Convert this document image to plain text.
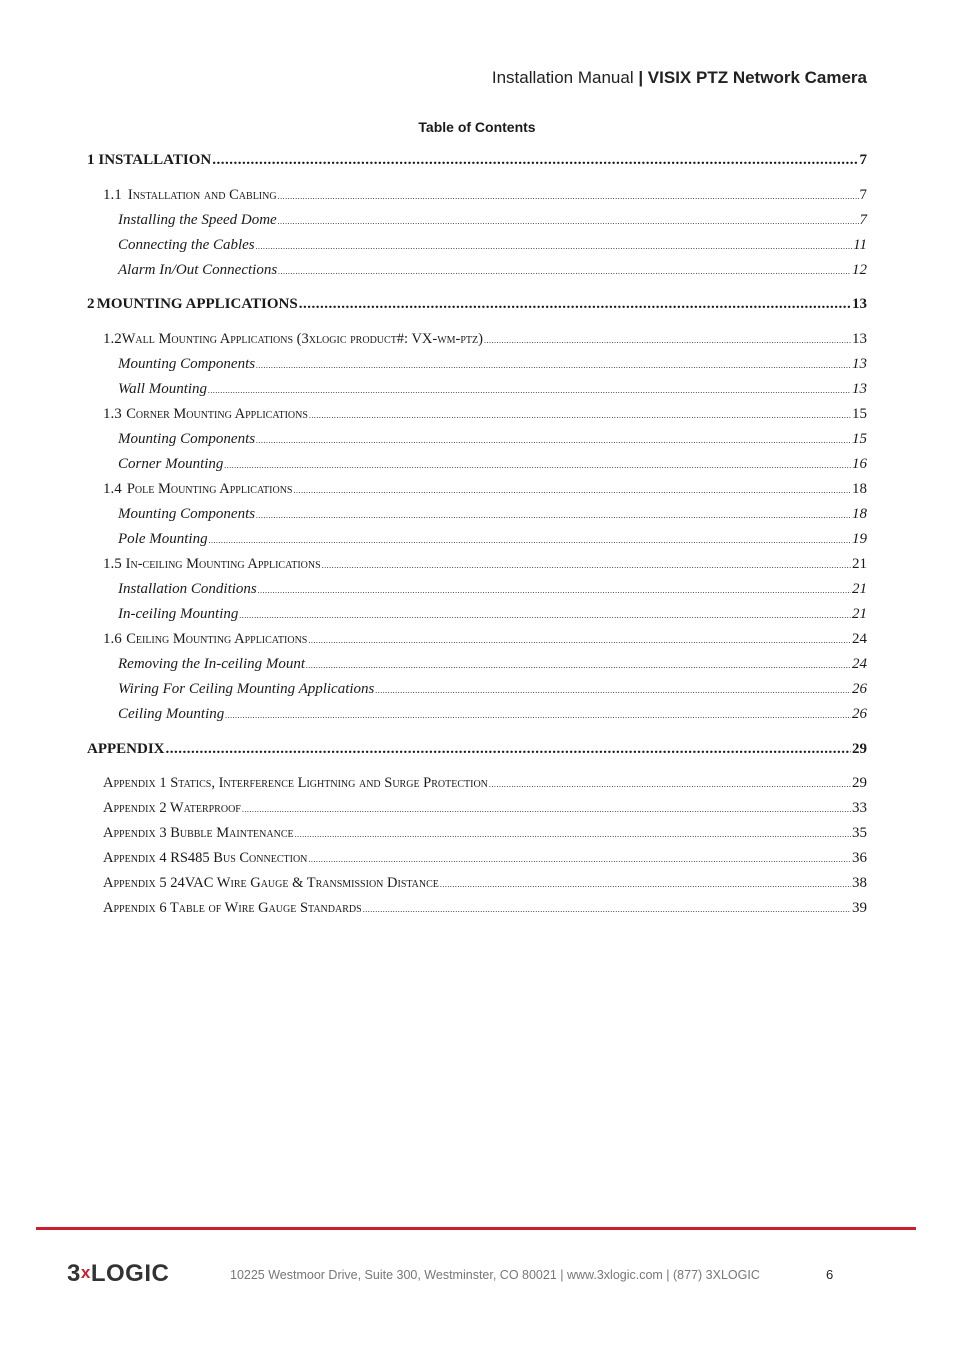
Installation Manual | VISIX PTZ Network Camera
Table of Contents
1 INSTALLATION .....	7
1.1 Installation and Cabling .....	7
Installing the Speed Dome .....	7
Connecting the Cables .....	11
Alarm In/Out Connections .....	12
2 MOUNTING APPLICATIONS .....	13
1.2 Wall Mounting Applications (3xlogic product#: VX-wm-ptz) .....	13
Mounting Components .....	13
Wall Mounting .....	13
1.3 Corner Mounting Applications .....	15
Mounting Components .....	15
Corner Mounting .....	16
1.4 Pole Mounting Applications .....	18
Mounting Components .....	18
Pole Mounting .....	19
1.5 In-ceiling Mounting Applications .....	21
Installation Conditions .....	21
In-ceiling Mounting .....	21
1.6 Ceiling Mounting Applications .....	24
Removing the In-ceiling Mount .....	24
Wiring For Ceiling Mounting Applications .....	26
Ceiling Mounting .....	26
APPENDIX .....	29
Appendix 1 Statics, Interference Lightning and Surge Protection .....	29
Appendix 2 Waterproof .....	33
Appendix 3 Bubble Maintenance .....	35
Appendix 4 RS485 Bus Connection .....	36
Appendix 5 24VAC Wire Gauge & Transmission Distance .....	38
Appendix 6 Table of Wire Gauge Standards .....	39
3xLOGIC	10225 Westmoor Drive, Suite 300, Westminster, CO 80021 | www.3xlogic.com | (877) 3XLOGIC	6
